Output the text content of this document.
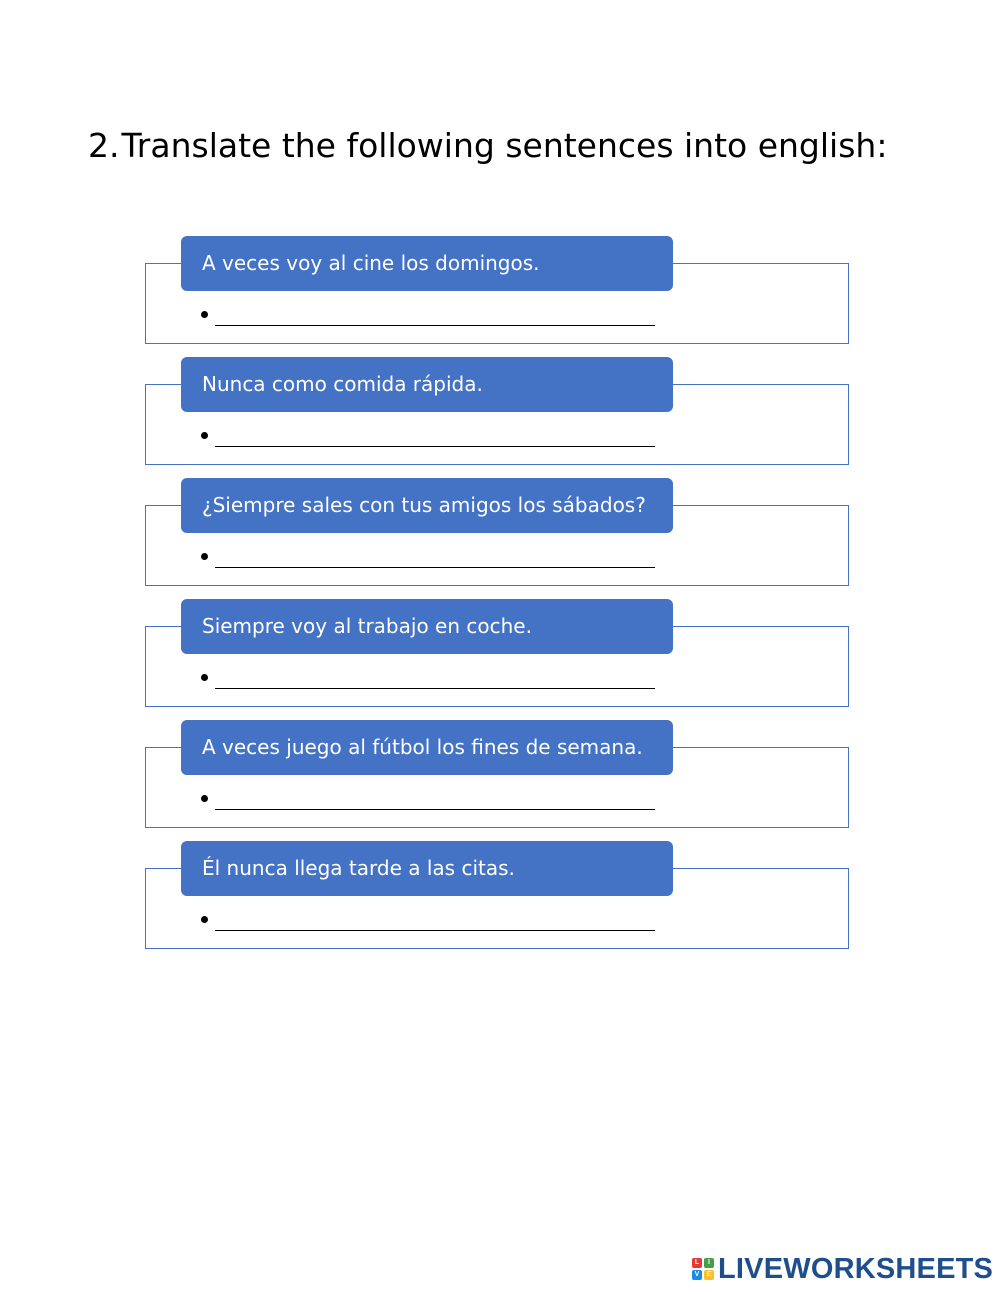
2.Translate the following sentences into english:
A veces voy al cine los domingos.
Nunca como comida rápida.
¿Siempre sales con tus amigos los sábados?
Siempre voy al trabajo en coche.
A veces juego al fútbol los fines de semana.
Él nunca llega tarde a las citas.
L	I
V	E LIVEWORKSHEETS
